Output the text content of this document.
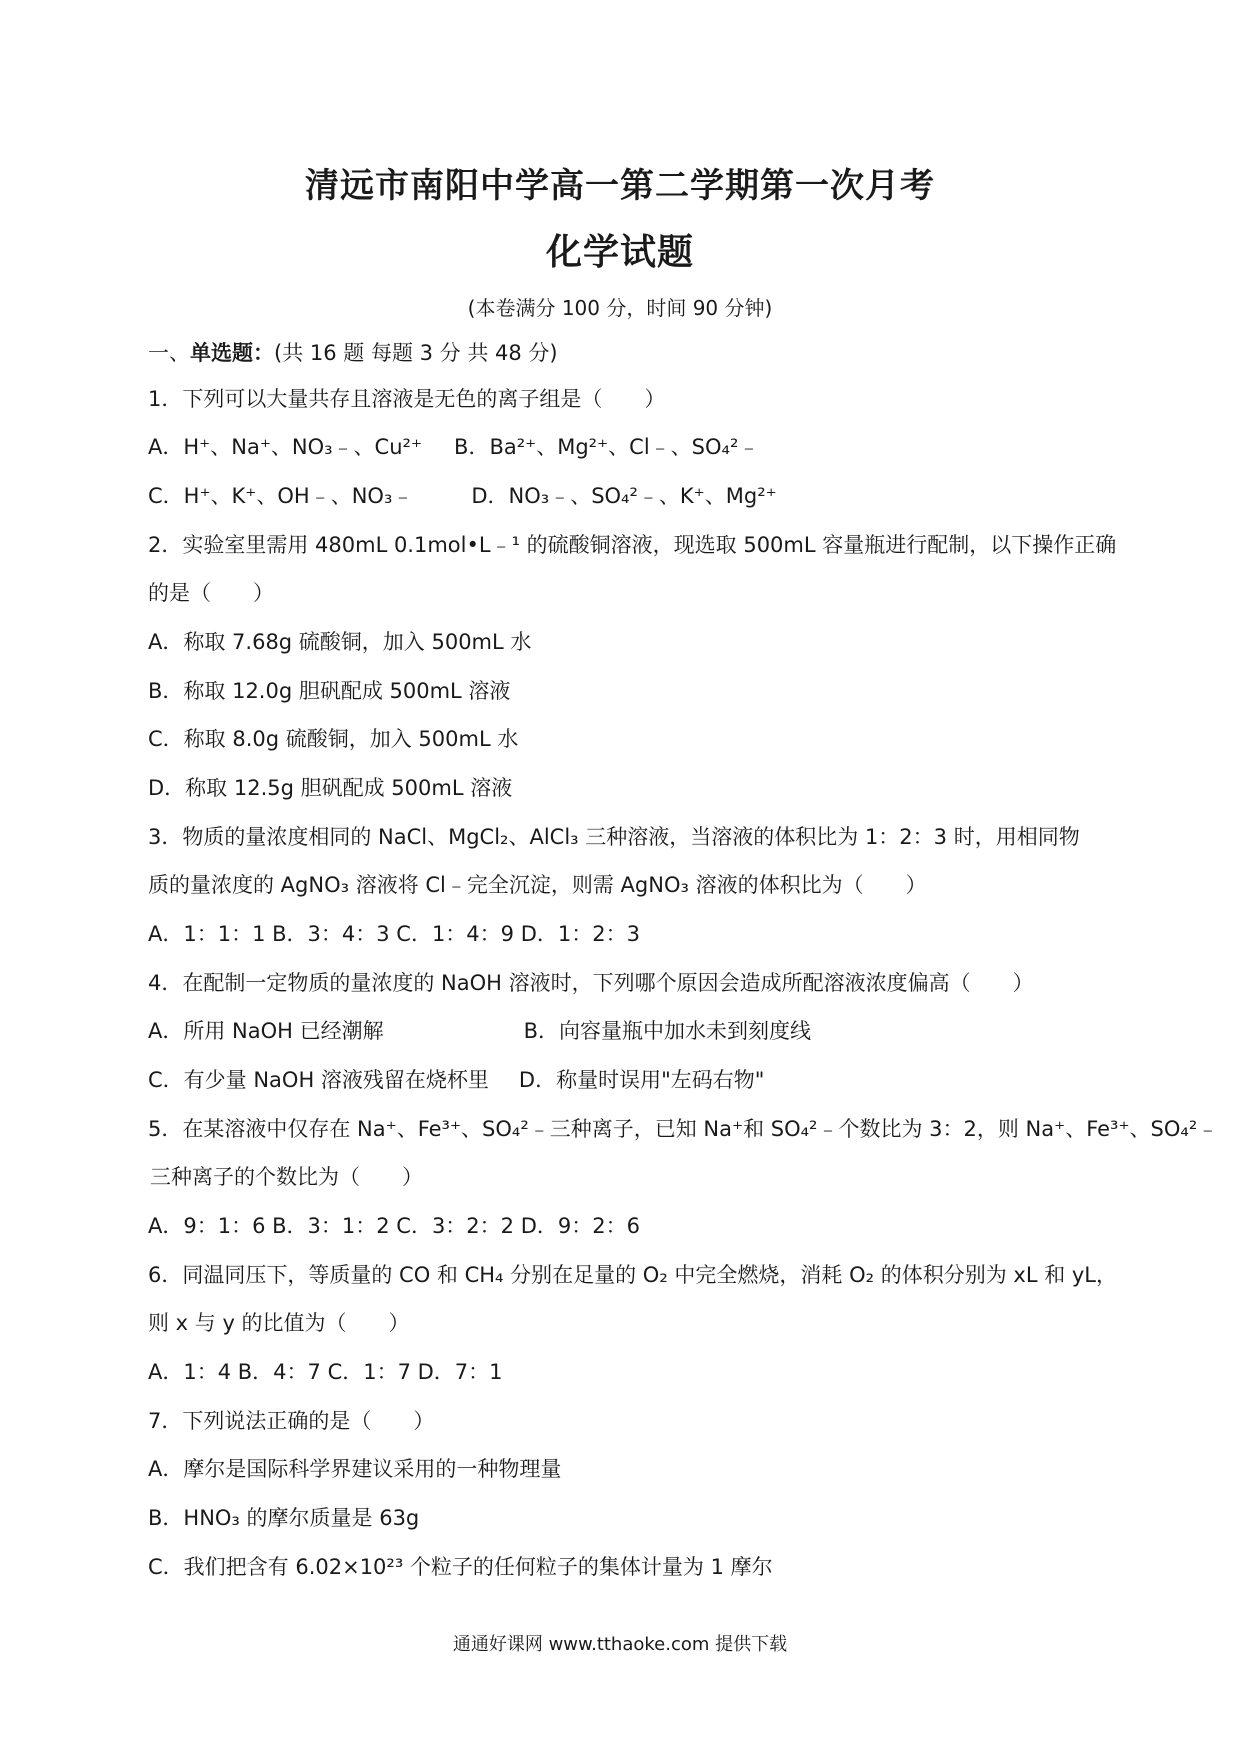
清远市南阳中学高一第二学期第一次月考
化学试题
(本卷满分 100 分，时间 90 分钟)
一、单选题：(共 16 题 每题 3 分 共 48 分)
1．下列可以大量共存且溶液是无色的离子组是（　　）
A．H⁺、Na⁺、NO₃﹣、Cu²⁺ B．Ba²⁺、Mg²⁺、Cl﹣、SO₄²﹣
C．H⁺、K⁺、OH﹣、NO₃﹣	D．NO₃﹣、SO₄²﹣、K⁺、Mg²⁺
2．实验室里需用 480mL 0.1mol•L﹣¹ 的硫酸铜溶液，现选取 500mL 容量瓶进行配制，以下操作正确
的是（　　）
A．称取 7.68g 硫酸铜，加入 500mL 水
B．称取 12.0g 胆矾配成 500mL 溶液
C．称取 8.0g 硫酸铜，加入 500mL 水
D．称取 12.5g 胆矾配成 500mL 溶液
3．物质的量浓度相同的 NaCl、MgCl₂、AlCl₃ 三种溶液，当溶液的体积比为 1：2：3 时，用相同物
质的量浓度的 AgNO₃ 溶液将 Cl﹣完全沉淀，则需 AgNO₃ 溶液的体积比为（　　）
A．1：1：1 B．3：4：3 C．1：4：9 D．1：2：3
4．在配制一定物质的量浓度的 NaOH 溶液时，下列哪个原因会造成所配溶液浓度偏高（　　）
A．所用 NaOH 已经潮解	B．向容量瓶中加水未到刻度线
C．有少量 NaOH 溶液残留在烧杯里 D．称量时误用"左码右物"
5．在某溶液中仅存在 Na⁺、Fe³⁺、SO₄²﹣三种离子，已知 Na⁺和 SO₄²﹣个数比为 3：2，则 Na⁺、Fe³⁺、SO₄²﹣
三种离子的个数比为（　　）
A．9：1：6 B．3：1：2 C．3：2：2 D．9：2：6
6．同温同压下，等质量的 CO 和 CH₄ 分别在足量的 O₂ 中完全燃烧，消耗 O₂ 的体积分别为 xL 和 yL，
则 x 与 y 的比值为（　　）
A．1：4 B．4：7 C．1：7 D．7：1
7．下列说法正确的是（　　）
A．摩尔是国际科学界建议采用的一种物理量
B．HNO₃ 的摩尔质量是 63g
C．我们把含有 6.02×10²³ 个粒子的任何粒子的集体计量为 1 摩尔
通通好课网 www.tthaoke.com 提供下载
